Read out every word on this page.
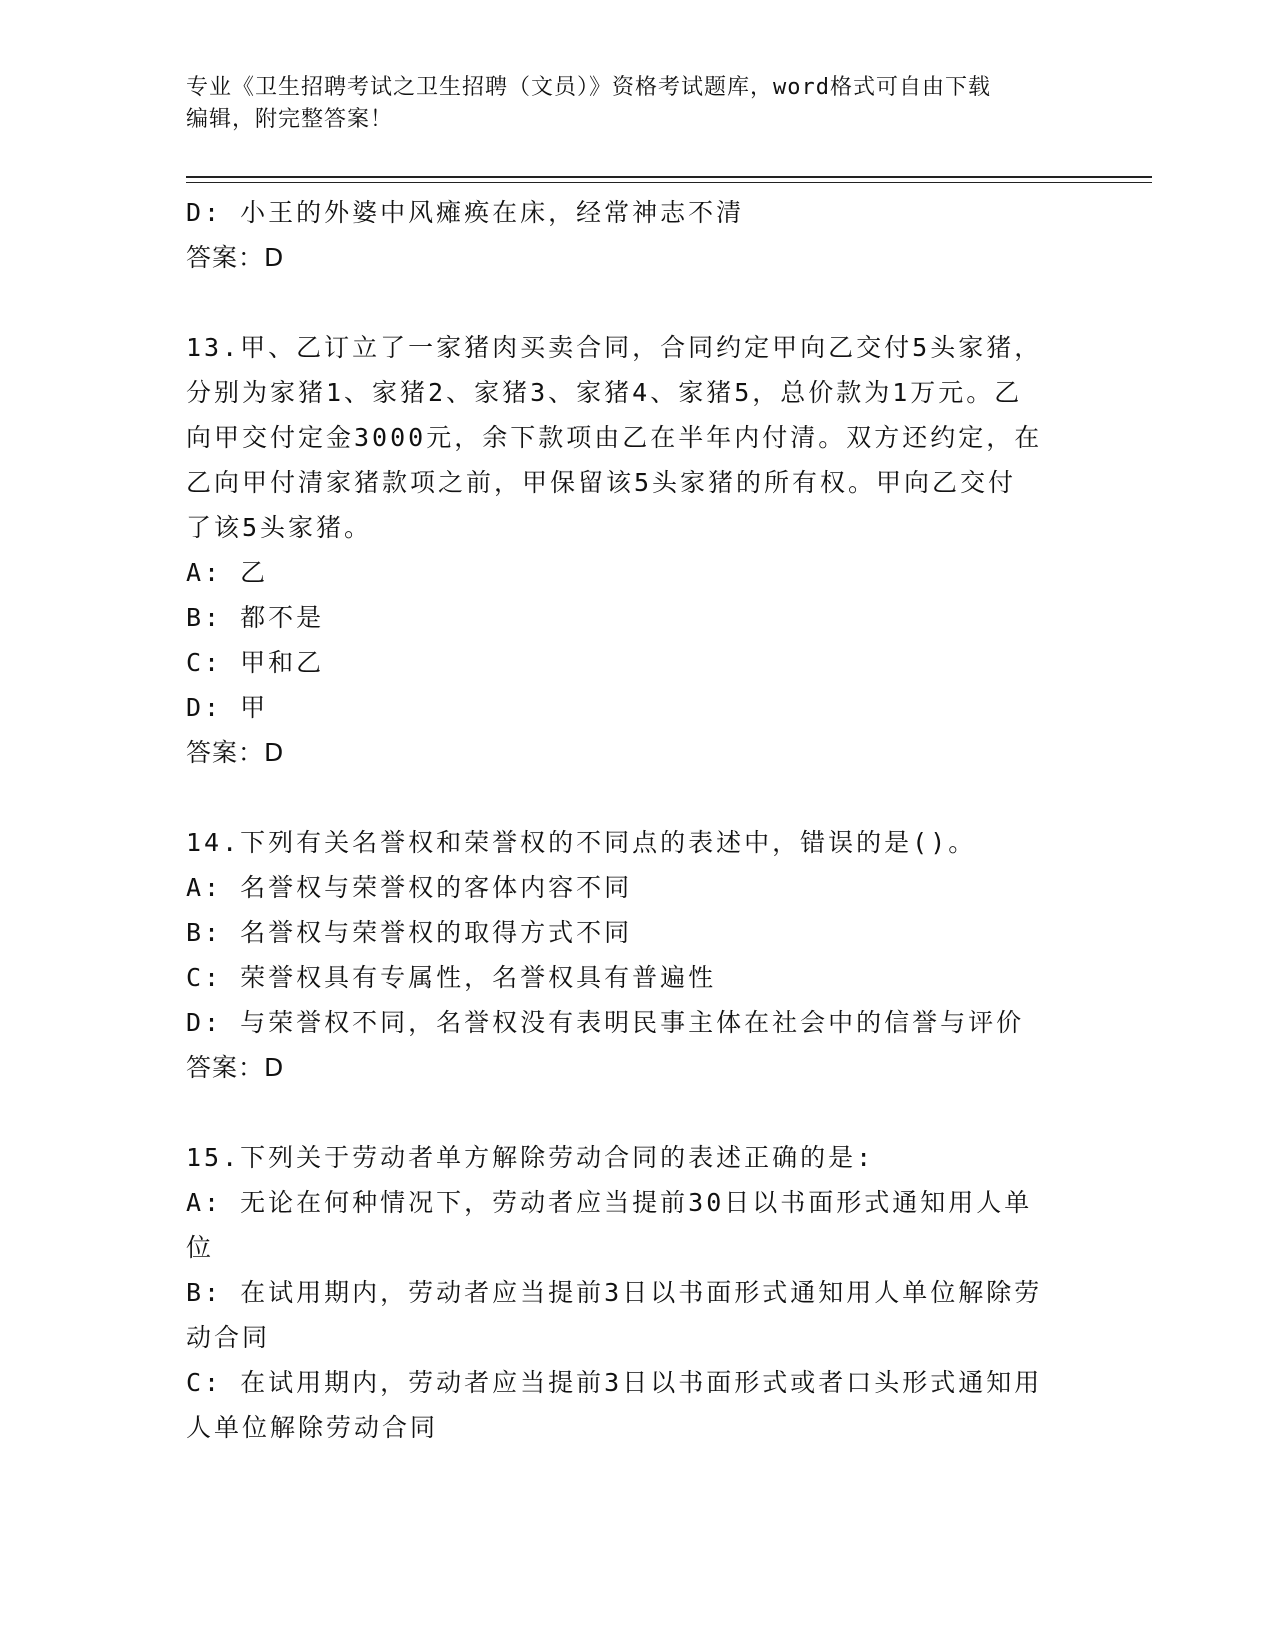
专业《卫生招聘考试之卫生招聘（文员）》资格考试题库，word格式可自由下载
编辑，附完整答案！
D: 小王的外婆中风瘫痪在床，经常神志不清
答案：D
13.甲、乙订立了一家猪肉买卖合同，合同约定甲向乙交付5头家猪，
分别为家猪1、家猪2、家猪3、家猪4、家猪5，总价款为1万元。乙
向甲交付定金3000元，余下款项由乙在半年内付清。双方还约定，在
乙向甲付清家猪款项之前，甲保留该5头家猪的所有权。甲向乙交付
了该5头家猪。
A: 乙
B: 都不是
C: 甲和乙
D: 甲
答案：D
14.下列有关名誉权和荣誉权的不同点的表述中，错误的是()。
A: 名誉权与荣誉权的客体内容不同
B: 名誉权与荣誉权的取得方式不同
C: 荣誉权具有专属性，名誉权具有普遍性
D: 与荣誉权不同，名誉权没有表明民事主体在社会中的信誉与评价
答案：D
15.下列关于劳动者单方解除劳动合同的表述正确的是:
A: 无论在何种情况下，劳动者应当提前30日以书面形式通知用人单
位
B: 在试用期内，劳动者应当提前3日以书面形式通知用人单位解除劳
动合同
C: 在试用期内，劳动者应当提前3日以书面形式或者口头形式通知用
人单位解除劳动合同
